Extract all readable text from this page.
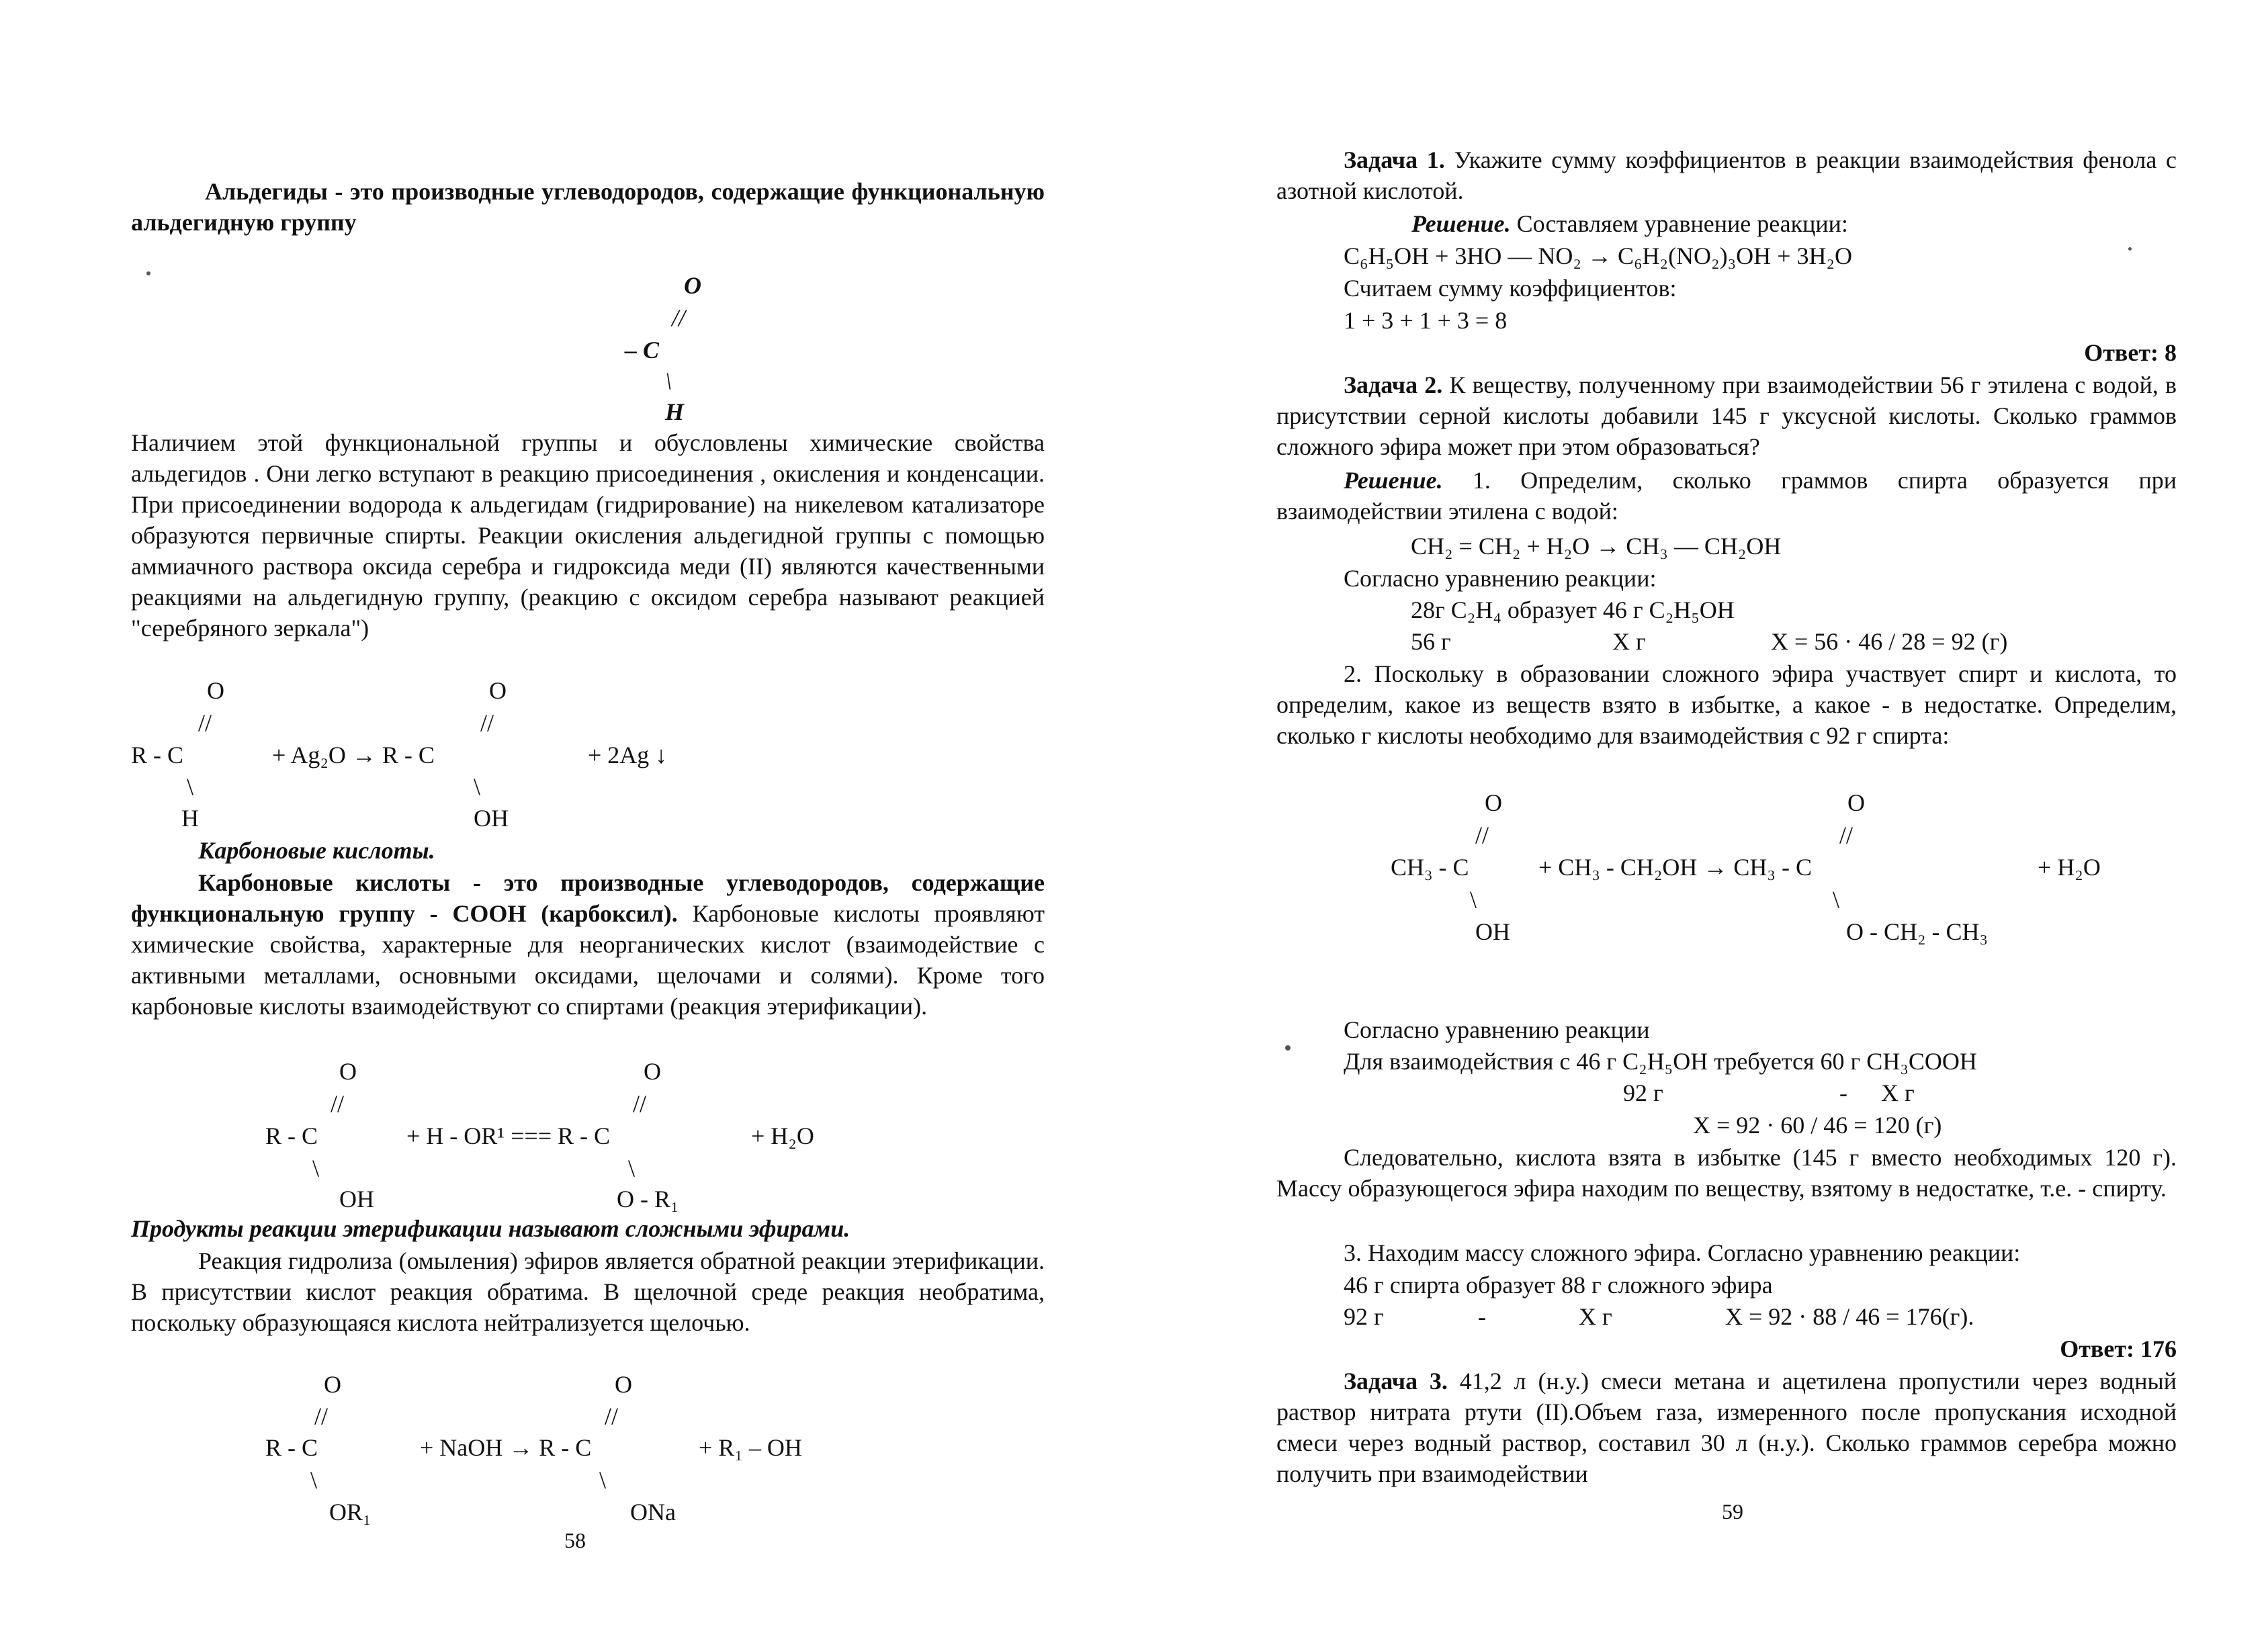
Альдегиды - это производные углеводородов, содержащие функциональную альдегидную группу
O
//
– C
\
H
Наличием этой функциональной группы и обусловлены химические свойства альдегидов . Они легко вступают в реакцию присоединения , окисления и конденсации. При присоединении водорода к альдегидам (гидрирование) на никелевом катализаторе образуются первичные спирты. Реакции окисления альдегидной группы с помощью аммиачного раствора оксида серебра и гидроксида меди (II) являются качественными реакциями на альдегидную группу, (реакцию с оксидом серебра называют реакцией "серебряного зеркала")
O	O
//	//
R - C	+ Ag₂O → R - C	+ 2Ag ↓
\	\
H	OH
Карбоновые кислоты.
Карбоновые кислоты - это производные углеводородов, содержащие функциональную группу - СООН (карбоксил). Карбоновые кислоты проявляют химические свойства, характерные для неорганических кислот (взаимодействие с активными металлами, основными оксидами, щелочами и солями). Кроме того карбоновые кислоты взаимодействуют со спиртами (реакция этерификации).
O	O
//	//
R - C	+ H - OR¹ === R - C	+ H₂O
\	\
OH	O - R₁
Продукты реакции этерификации называют сложными эфирами.
Реакция гидролиза (омыления) эфиров является обратной реакции этерификации. В присутствии кислот реакция обратима. В щелочной среде реакция необратима, поскольку образующаяся кислота нейтрализуется щелочью.
O	O
//	//
R - C	+ NaOH → R - C	+ R₁ – OH
\	\
OR₁	ONa
58
Задача 1. Укажите сумму коэффициентов в реакции взаимодействия фенола с азотной кислотой.
Решение. Составляем уравнение реакции:
C₆H₅OH + 3HO — NO₂ → C₆H₂(NO₂)₃OH + 3H₂O
Считаем сумму коэффициентов:
1 + 3 + 1 + 3 = 8
Ответ: 8
Задача 2. К веществу, полученному при взаимодействии 56 г этилена с водой, в присутствии серной кислоты добавили 145 г уксусной кислоты. Сколько граммов сложного эфира может при этом образоваться?
Решение. 1. Определим, сколько граммов спирта образуется при взаимодействии этилена с водой:
CH₂ = CH₂ + H₂O → CH₃ — CH₂OH
Согласно уравнению реакции:
28г C₂H₄ образует 46 г C₂H₅OH
56 г	X г	X = 56 · 46 / 28 = 92 (г)
2. Поскольку в образовании сложного эфира участвует спирт и кислота, то определим, какое из веществ взято в избытке, а какое - в недостатке. Определим, сколько г кислоты необходимо для взаимодействия с 92 г спирта:
O	O
//	//
CH₃ - C	+ CH₃ - CH₂OH → CH₃ - C	+ H₂O
\	\
OH	O - CH₂ - CH₃
Согласно уравнению реакции
Для взаимодействия с 46 г C₂H₅OH требуется 60 г CH₃COOH
92 г	- Х г
X = 92 · 60 / 46 = 120 (г)
Следовательно, кислота взята в избытке (145 г вместо необходимых 120 г). Массу образующегося эфира находим по веществу, взятому в недостатке, т.е. - спирту.
3. Находим массу сложного эфира. Согласно уравнению реакции:
46 г спирта образует 88 г сложного эфира
92 г	-	X г	X = 92 · 88 / 46 = 176(г).
Ответ: 176
Задача 3. 41,2 л (н.у.) смеси метана и ацетилена пропустили через водный раствор нитрата ртути (II).Объем газа, измеренного после пропускания исходной смеси через водный раствор, составил 30 л (н.у.). Сколько граммов серебра можно получить при взаимодействии
59
